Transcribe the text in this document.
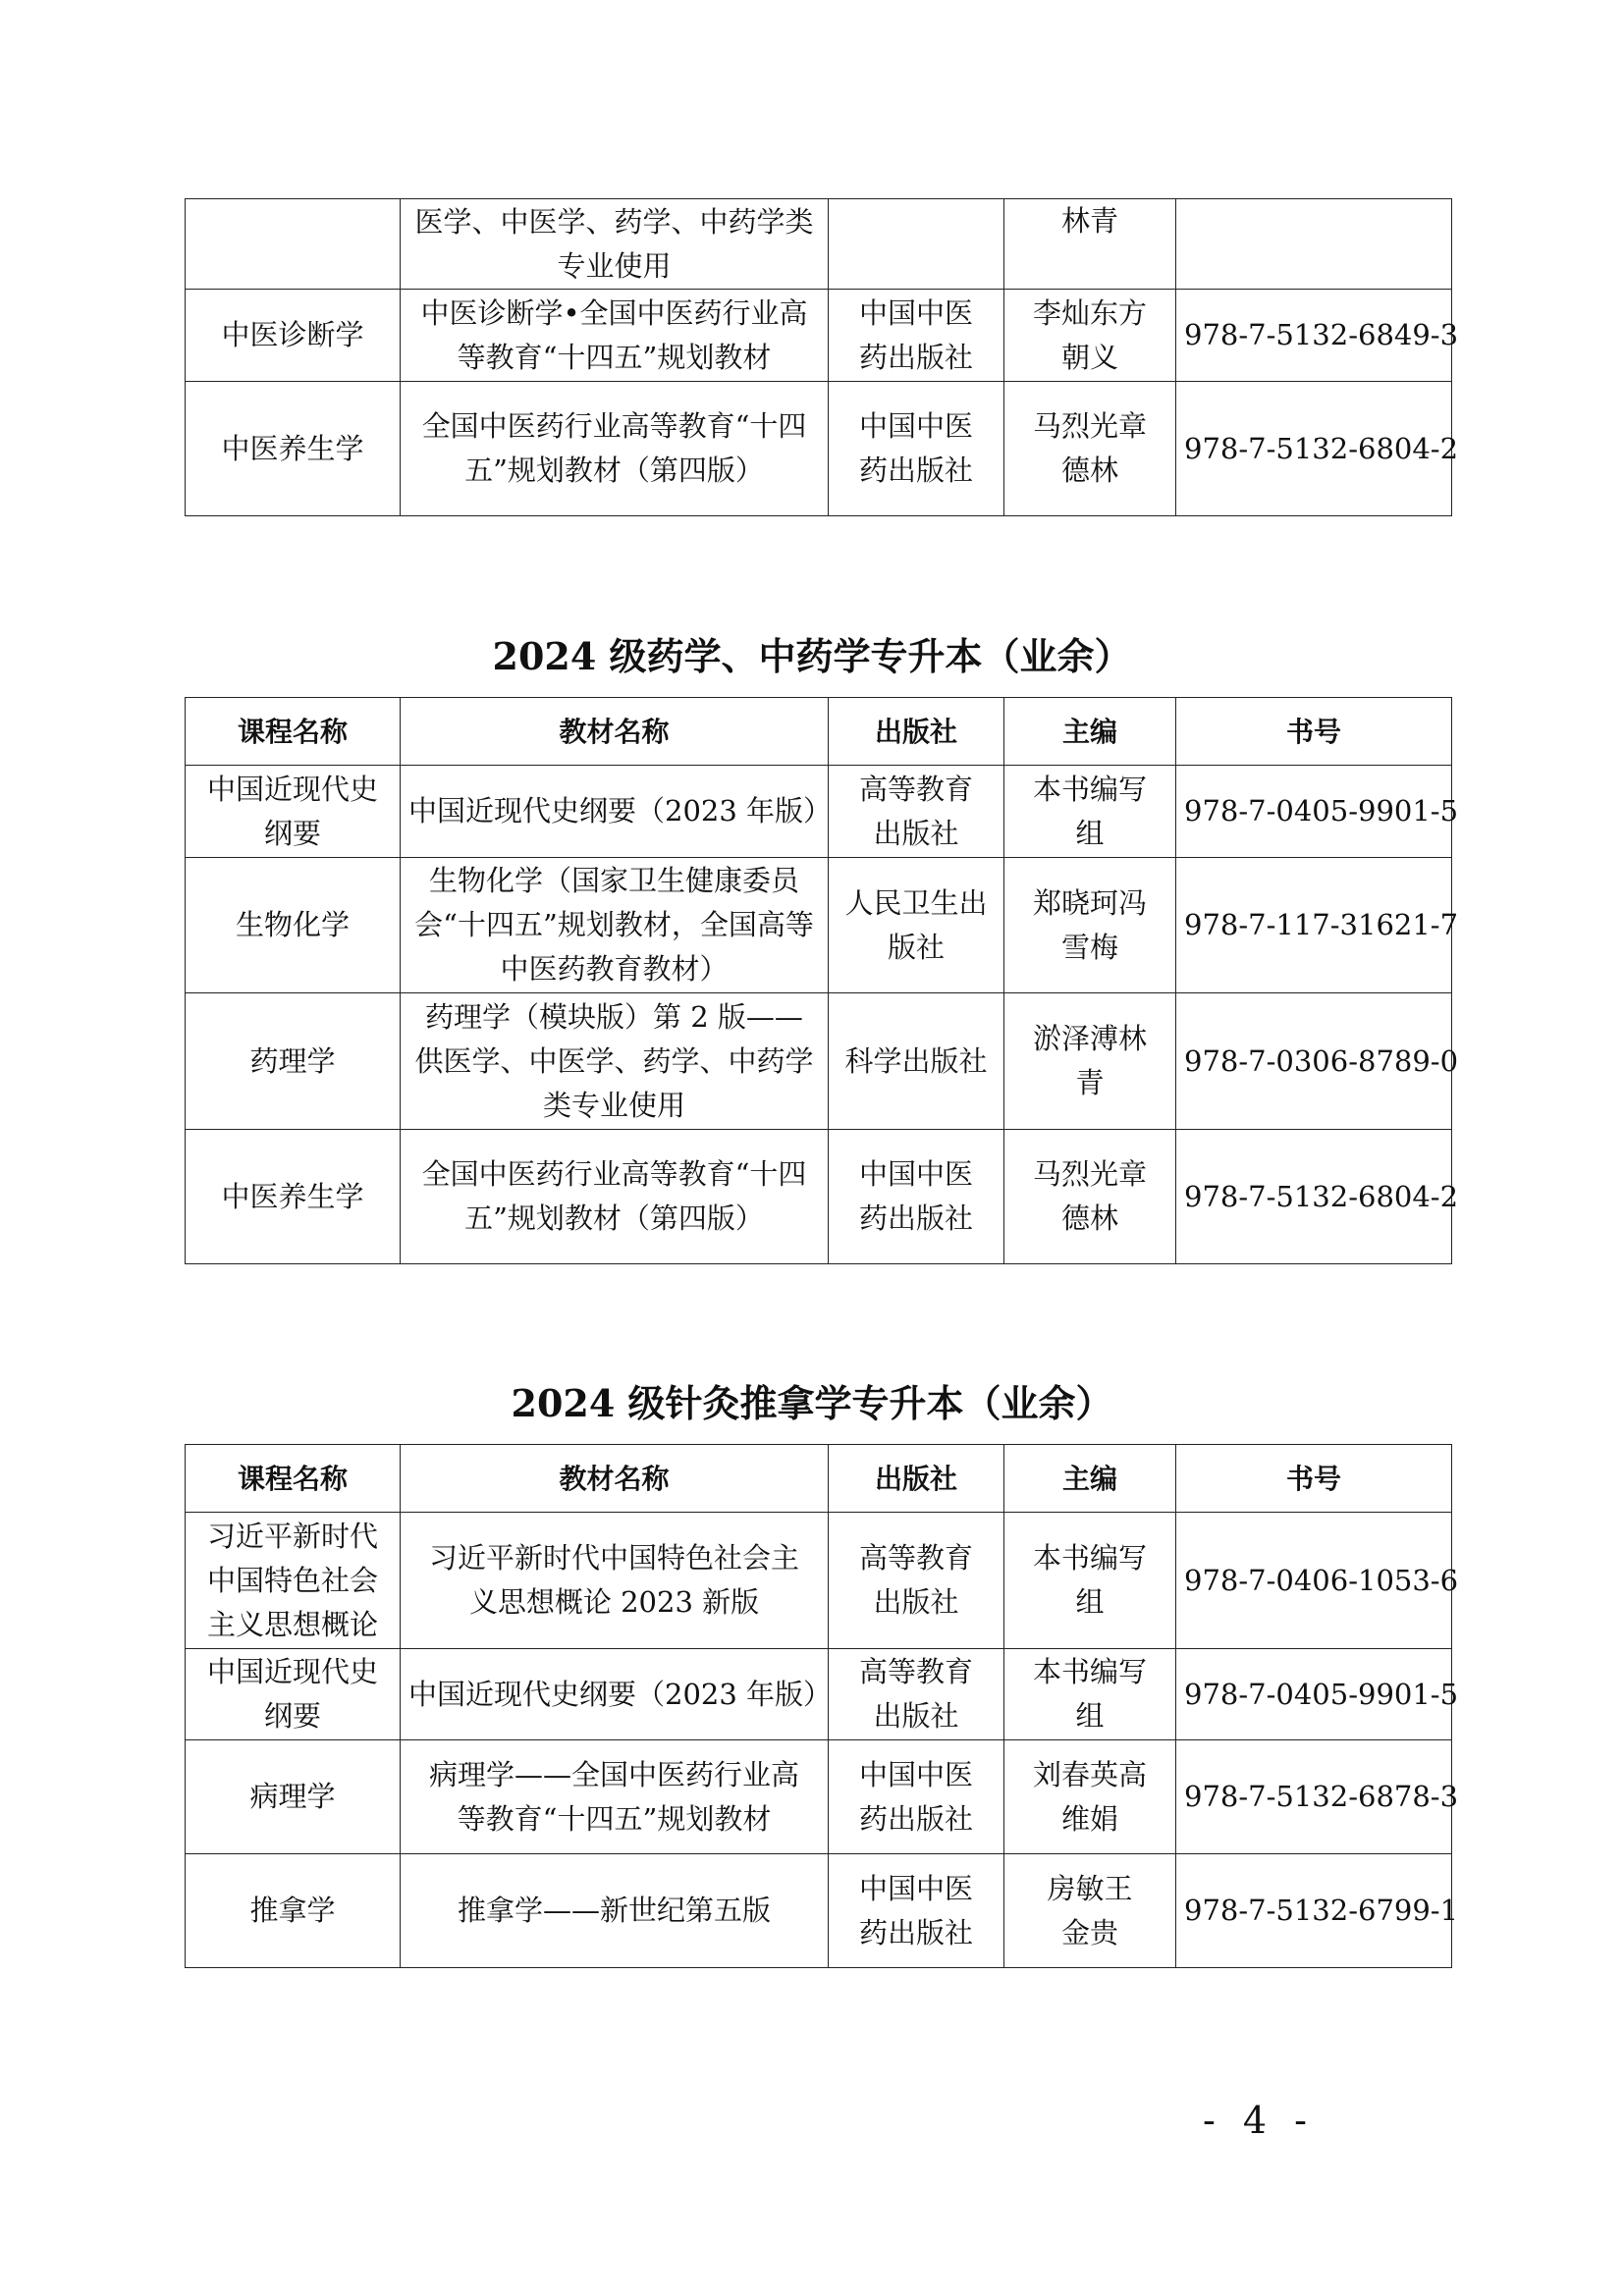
	医学、中医学、药学、中药学类专业使用		林青	
中医诊断学	中医诊断学•全国中医药行业高等教育“十四五”规划教材	中国中医药出版社	李灿东方朝义	978-7-5132-6849-3
中医养生学	全国中医药行业高等教育“十四五”规划教材（第四版）	中国中医药出版社	马烈光章德林	978-7-5132-6804-2
2024 级药学、中药学专升本（业余）
课程名称	教材名称	出版社	主编	书号
中国近现代史纲要	中国近现代史纲要（2023 年版）	高等教育出版社	本书编写组	978-7-0405-9901-5
生物化学	生物化学（国家卫生健康委员会“十四五”规划教材，全国高等中医药教育教材）	人民卫生出版社	郑晓珂冯雪梅	978-7-117-31621-7
药理学	药理学（模块版）第 2 版——供医学、中医学、药学、中药学类专业使用	科学出版社	淤泽溥林青	978-7-0306-8789-0
中医养生学	全国中医药行业高等教育“十四五”规划教材（第四版）	中国中医药出版社	马烈光章德林	978-7-5132-6804-2
2024 级针灸推拿学专升本（业余）
课程名称	教材名称	出版社	主编	书号
习近平新时代中国特色社会主义思想概论	习近平新时代中国特色社会主义思想概论 2023 新版	高等教育出版社	本书编写组	978-7-0406-1053-6
中国近现代史纲要	中国近现代史纲要（2023 年版）	高等教育出版社	本书编写组	978-7-0405-9901-5
病理学	病理学——全国中医药行业高等教育“十四五”规划教材	中国中医药出版社	刘春英高维娟	978-7-5132-6878-3
推拿学	推拿学——新世纪第五版	中国中医药出版社	房敏王金贵	978-7-5132-6799-1
- 4 -
